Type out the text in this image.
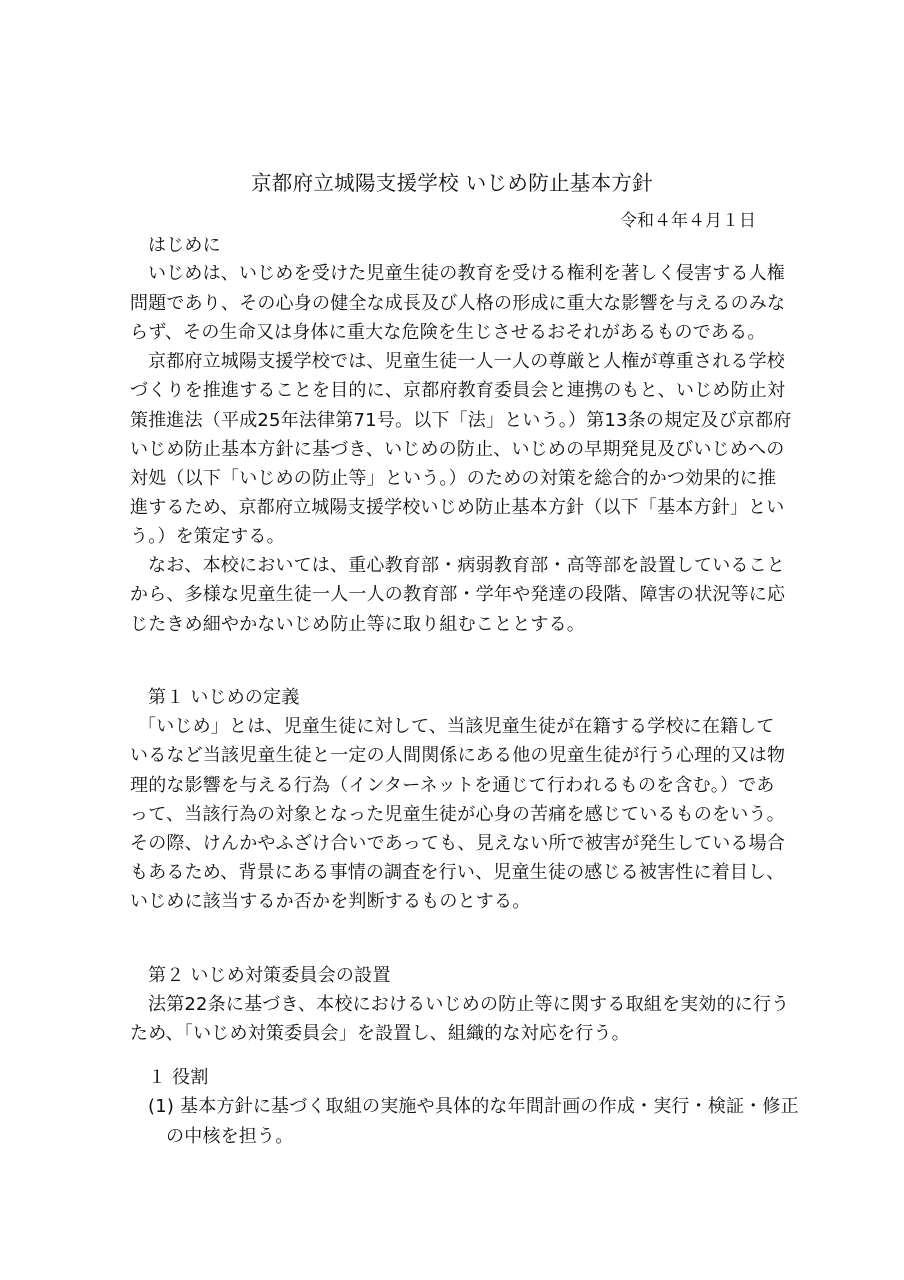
京都府立城陽支援学校 いじめ防止基本方針
令和４年４月１日
はじめに
いじめは、いじめを受けた児童生徒の教育を受ける権利を著しく侵害する人権
問題であり、その心身の健全な成長及び人格の形成に重大な影響を与えるのみな
らず、その生命又は身体に重大な危険を生じさせるおそれがあるものである。
京都府立城陽支援学校では、児童生徒一人一人の尊厳と人権が尊重される学校
づくりを推進することを目的に、京都府教育委員会と連携のもと、いじめ防止対
策推進法（平成25年法律第71号。以下「法」という。）第13条の規定及び京都府
いじめ防止基本方針に基づき、いじめの防止、いじめの早期発見及びいじめへの
対処（以下「いじめの防止等」という。）のための対策を総合的かつ効果的に推
進するため、京都府立城陽支援学校いじめ防止基本方針（以下「基本方針」とい
う。）を策定する。
なお、本校においては、重心教育部・病弱教育部・高等部を設置していること
から、多様な児童生徒一人一人の教育部・学年や発達の段階、障害の状況等に応
じたきめ細やかないじめ防止等に取り組むこととする。
第１ いじめの定義
「いじめ」とは、児童生徒に対して、当該児童生徒が在籍する学校に在籍して
いるなど当該児童生徒と一定の人間関係にある他の児童生徒が行う心理的又は物
理的な影響を与える行為（インターネットを通じて行われるものを含む。）であ
って、当該行為の対象となった児童生徒が心身の苦痛を感じているものをいう。
その際、けんかやふざけ合いであっても、見えない所で被害が発生している場合
もあるため、背景にある事情の調査を行い、児童生徒の感じる被害性に着目し、
いじめに該当するか否かを判断するものとする。
第２ いじめ対策委員会の設置
法第22条に基づき、本校におけるいじめの防止等に関する取組を実効的に行う
ため、「いじめ対策委員会」を設置し、組織的な対応を行う。
１ 役割
(1) 基本方針に基づく取組の実施や具体的な年間計画の作成・実行・検証・修正
の中核を担う。
